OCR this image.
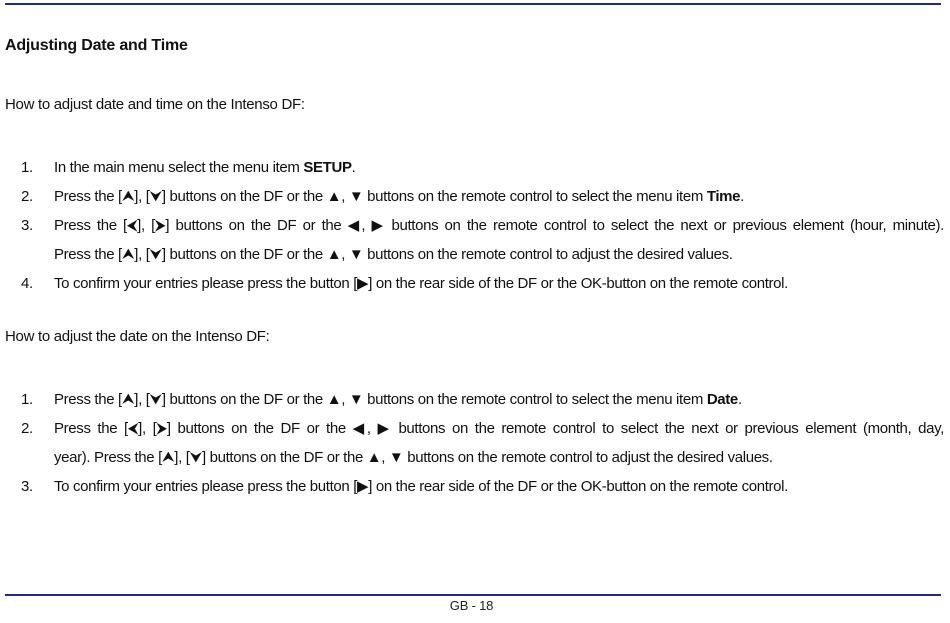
Adjusting Date and Time
How to adjust date and time on the Intenso DF:
1. In the main menu select the menu item SETUP.
2. Press the [⮝], [⮟] buttons on the DF or the ▲, ▼ buttons on the remote control to select the menu item Time.
3. Press the [⮜], [⮞] buttons on the DF or the ◀, ▶ buttons on the remote control to select the next or previous element (hour, minute).
Press the [⮝], [⮟] buttons on the DF or the ▲, ▼ buttons on the remote control to adjust the desired values.
4. To confirm your entries please press the button [▶] on the rear side of the DF or the OK-button on the remote control.
How to adjust the date on the Intenso DF:
1. Press the [⮝], [⮟] buttons on the DF or the ▲, ▼ buttons on the remote control to select the menu item Date.
2. Press the [⮜], [⮞] buttons on the DF or the ◀, ▶ buttons on the remote control to select the next or previous element (month, day,
year). Press the [⮝], [⮟] buttons on the DF or the ▲, ▼ buttons on the remote control to adjust the desired values.
3. To confirm your entries please press the button [▶] on the rear side of the DF or the OK-button on the remote control.
GB - 18
